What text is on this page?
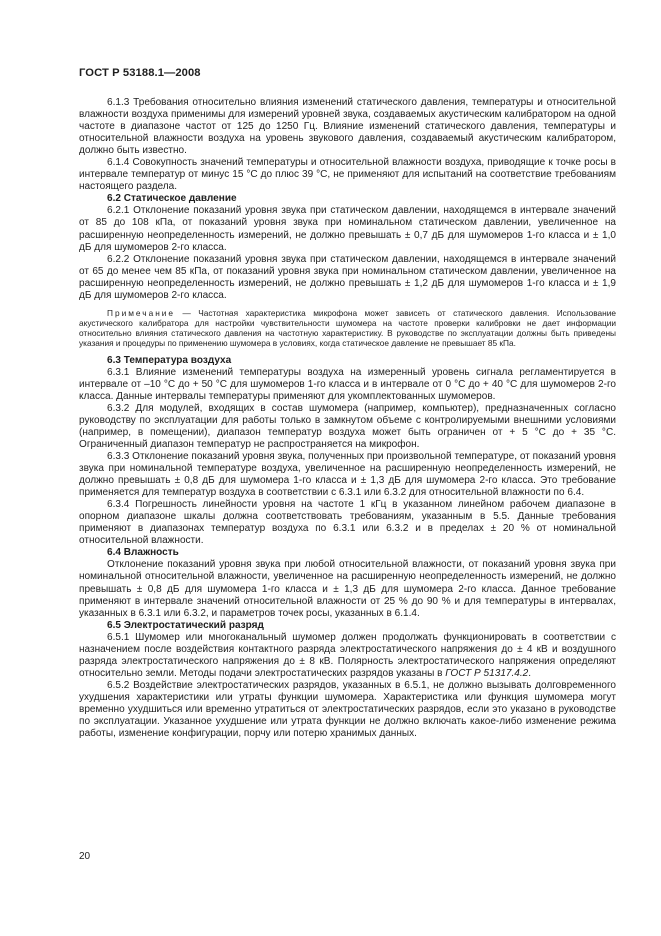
ГОСТ Р 53188.1—2008

6.1.3 Требования относительно влияния изменений статического давления, температуры и относительной влажности воздуха применимы для измерений уровней звука, создаваемых акустическим калибратором на одной частоте в диапазоне частот от 125 до 1250 Гц. Влияние изменений статического давления, температуры и относительной влажности воздуха на уровень звукового давления, создаваемый акустическим калибратором, должно быть известно.

6.1.4 Совокупность значений температуры и относительной влажности воздуха, приводящие к точке росы в интервале температур от минус 15 °С до плюс 39 °С, не применяют для испытаний на соответствие требованиям настоящего раздела.

6.2 Статическое давление

6.2.1 Отклонение показаний уровня звука при статическом давлении, находящемся в интервале значений от 85 до 108 кПа, от показаний уровня звука при номинальном статическом давлении, увеличенное на расширенную неопределенность измерений, не должно превышать ± 0,7 дБ для шумомеров 1-го класса и ± 1,0 дБ для шумомеров 2-го класса.

6.2.2 Отклонение показаний уровня звука при статическом давлении, находящемся в интервале значений от 65 до менее чем 85 кПа, от показаний уровня звука при номинальном статическом давлении, увеличенное на расширенную неопределенность измерений, не должно превышать ± 1,2 дБ для шумомеров 1-го класса и ± 1,9 дБ для шумомеров 2-го класса.

Примечание — Частотная характеристика микрофона может зависеть от статического давления. Использование акустического калибратора для настройки чувствительности шумомера на частоте проверки калибровки не дает информации относительно влияния статического давления на частотную характеристику. В руководстве по эксплуатации должны быть приведены указания и процедуры по применению шумомера в условиях, когда статическое давление не превышает 85 кПа.

6.3 Температура воздуха

6.3.1 Влияние изменений температуры воздуха на измеренный уровень сигнала регламентируется в интервале от –10 °С до + 50 °С для шумомеров 1-го класса и в интервале от 0 °С до + 40 °С для шумомеров 2-го класса. Данные интервалы температуры применяют для укомплектованных шумомеров.

6.3.2 Для модулей, входящих в состав шумомера (например, компьютер), предназначенных согласно руководству по эксплуатации для работы только в замкнутом объеме с контролируемыми внешними условиями (например, в помещении), диапазон температур воздуха может быть ограничен от + 5 °С до + 35 °С. Ограниченный диапазон температур не распространяется на микрофон.

6.3.3 Отклонение показаний уровня звука, полученных при произвольной температуре, от показаний уровня звука при номинальной температуре воздуха, увеличенное на расширенную неопределенность измерений, не должно превышать ± 0,8 дБ для шумомера 1-го класса и ± 1,3 дБ для шумомера 2-го класса. Это требование применяется для температур воздуха в соответствии с 6.3.1 или 6.3.2 для относительной влажности по 6.4.

6.3.4 Погрешность линейности уровня на частоте 1 кГц в указанном линейном рабочем диапазоне в опорном диапазоне шкалы должна соответствовать требованиям, указанным в 5.5. Данные требования применяют в диапазонах температур воздуха по 6.3.1 или 6.3.2 и в пределах ± 20 % от номинальной относительной влажности.

6.4 Влажность

Отклонение показаний уровня звука при любой относительной влажности, от показаний уровня звука при номинальной относительной влажности, увеличенное на расширенную неопределенность измерений, не должно превышать ± 0,8 дБ для шумомера 1-го класса и ± 1,3 дБ для шумомера 2-го класса. Данное требование применяют в интервале значений относительной влажности от 25 % до 90 % и для температуры в интервалах, указанных в 6.3.1 или 6.3.2, и параметров точек росы, указанных в 6.1.4.

6.5 Электростатический разряд

6.5.1 Шумомер или многоканальный шумомер должен продолжать функционировать в соответствии с назначением после воздействия контактного разряда электростатического напряжения до ± 4 кВ и воздушного разряда электростатического напряжения до ± 8 кВ. Полярность электростатического напряжения определяют относительно земли. Методы подачи электростатических разрядов указаны в ГОСТ Р 51317.4.2.

6.5.2 Воздействие электростатических разрядов, указанных в 6.5.1, не должно вызывать долговременного ухудшения характеристики или утраты функции шумомера. Характеристика или функция шумомера могут временно ухудшиться или временно утратиться от электростатических разрядов, если это указано в руководстве по эксплуатации. Указанное ухудшение или утрата функции не должно включать какое-либо изменение режима работы, изменение конфигурации, порчу или потерю хранимых данных.

20
